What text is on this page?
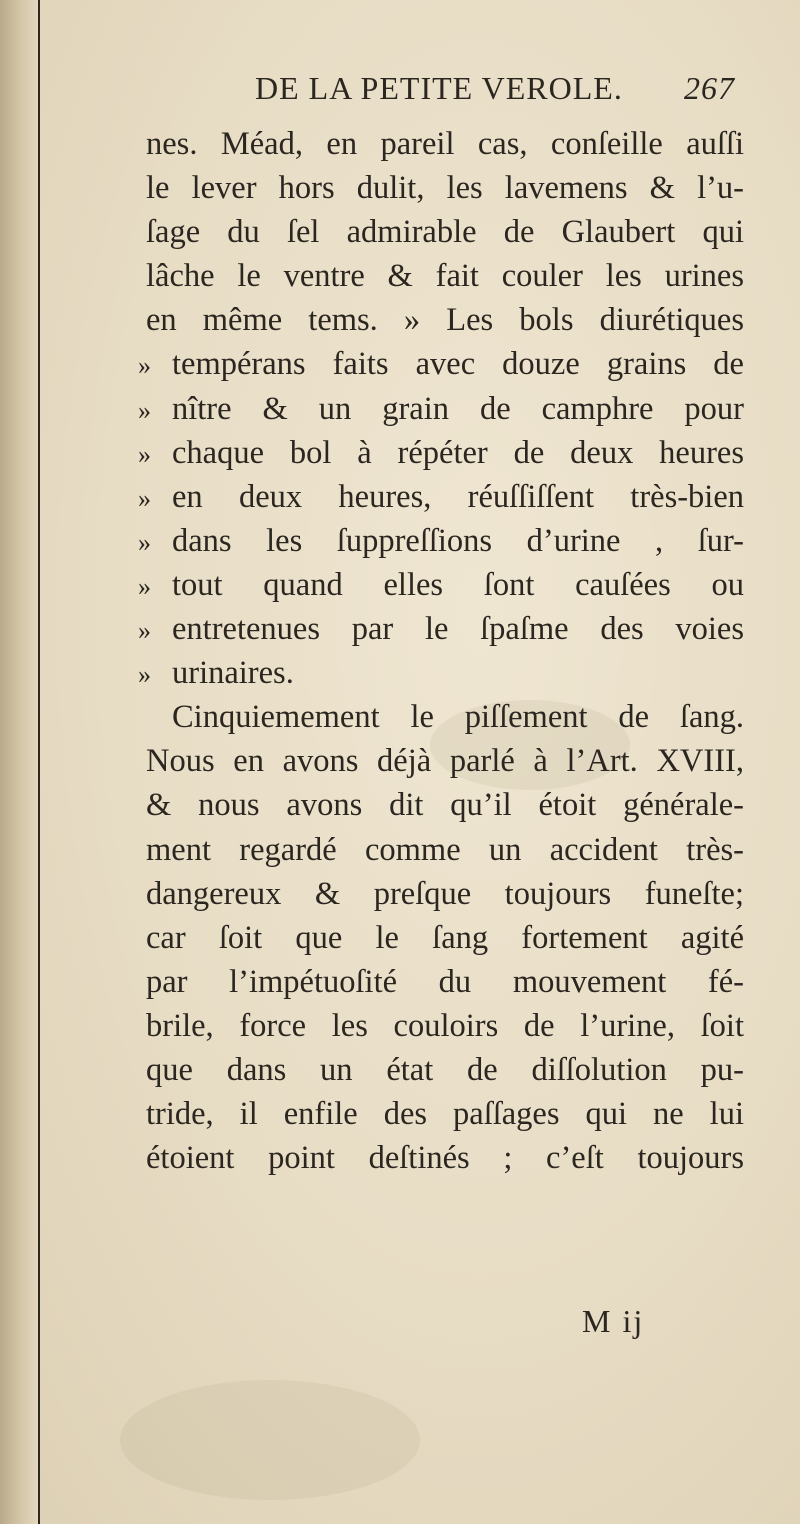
DE LA PETITE VEROLE. 267
nes. Méad, en pareil cas, conſeille auſſi
le lever hors dulit, les lavemens & l’u-
ſage du ſel admirable de Glaubert qui
lâche le ventre & fait couler les urines
en même tems. » Les bols diurétiques
» tempérans faits avec douze grains de
» nître & un grain de camphre pour
» chaque bol à répéter de deux heures
» en deux heures, réuſſiſſent très-bien
» dans les ſuppreſſions d’urine , ſur-
» tout quand elles ſont cauſées ou
» entretenues par le ſpaſme des voies
» urinaires.
Cinquiemement le piſſement de ſang.
Nous en avons déjà parlé à l’Art. XVIII,
& nous avons dit qu’il étoit générale-
ment regardé comme un accident très-
dangereux & preſque toujours funeſte;
car ſoit que le ſang fortement agité
par l’impétuoſité du mouvement fé-
brile, force les couloirs de l’urine, ſoit
que dans un état de diſſolution pu-
tride, il enfile des paſſages qui ne lui
étoient point deſtinés ; c’eſt toujours
M ij
